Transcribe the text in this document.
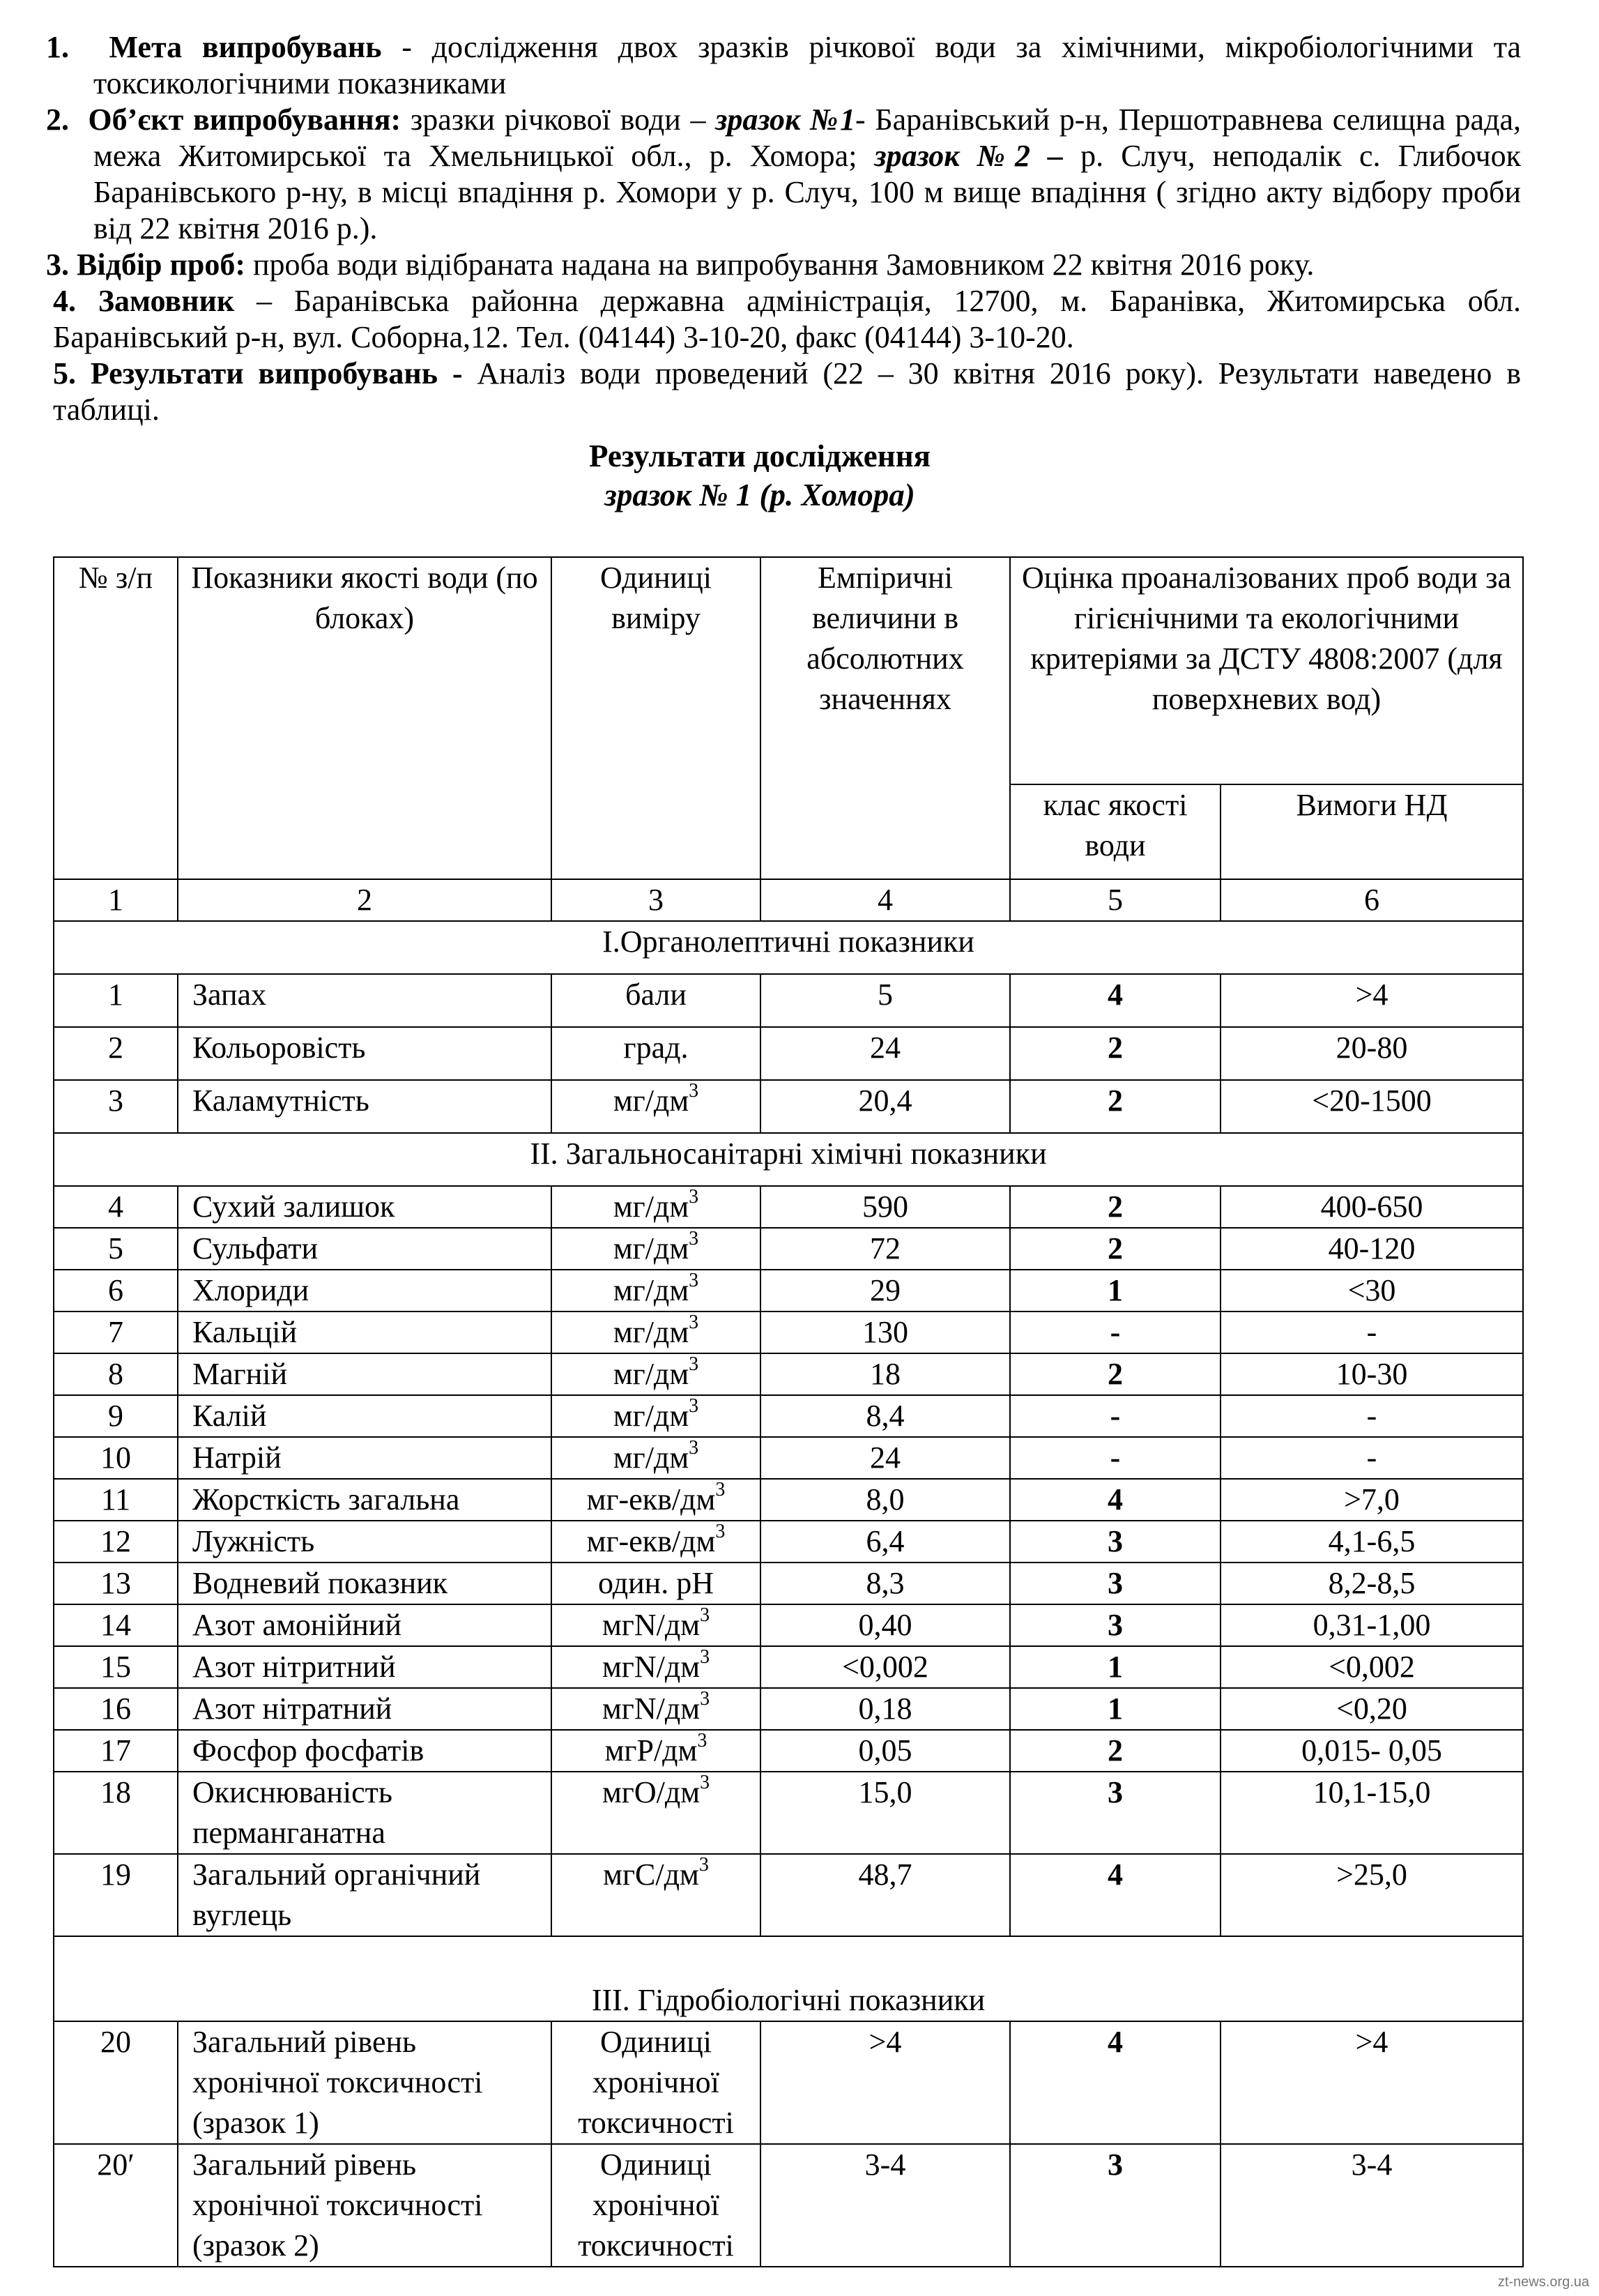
1. Мета випробувань - дослідження двох зразків річкової води за хімічними, мікробіологічними та токсикологічними показниками

2. Об’єкт випробування: зразки річкової води – зразок №1- Баранівський р-н, Першотравнева селищна рада, межа Житомирської та Хмельницької обл., р. Хомора; зразок №2 – р. Случ, неподалік с. Глибочок Баранівського р-ну, в місці впадіння р. Хомори у р. Случ, 100 м вище впадіння ( згідно акту відбору проби від 22 квітня 2016 р.).

3. Відбір проб: проба води відібраната надана на випробування Замовником 22 квітня 2016 року.

4. Замовник – Баранівська районна державна адміністрація, 12700, м. Баранівка, Житомирська обл. Баранівський р-н, вул. Соборна,12. Тел. (04144) 3-10-20, факс (04144) 3-10-20.

5. Результати випробувань - Аналіз води проведений (22 – 30 квітня 2016 року). Результати наведено в таблиці.

Результати дослідження
зразок № 1 (р. Хомора)
№ з/п	Показники якості води (по блоках)	Одиниці виміру	Емпіричні величини в абсолютних значеннях	Оцінка проаналізованих проб води за гігієнічними та екологічними критеріями за ДСТУ 4808:2007 (для поверхневих вод)	
				клас якості води	Вимоги НД
1	2	3	4	5	6
I.Органолептичні показники					
1	Запах	бали	5	4	>4
2	Кольоровість	град.	24	2	20-80
3	Каламутність	$мг/дм^3$	20,4	2	<20-1500
II. Загальносанітарні хімічні показники					
4	Сухий залишок	$мг/дм^3$	590	2	400-650
5	Сульфати	$мг/дм^3$	72	2	40-120
6	Хлориди	$мг/дм^3$	29	1	<30
7	Кальцій	$мг/дм^3$	130	-	-
8	Магній	$мг/дм^3$	18	2	10-30
9	Калій	$мг/дм^3$	8,4	-	-
10	Натрій	$мг/дм^3$	24	-	-
11	Жорсткість загальна	$мг-екв/дм^3$	8,0	4	>7,0
12	Лужність	$мг-екв/дм^3$	6,4	3	4,1-6,5
13	Водневий показник	один. pH	8,3	3	8,2-8,5
14	Азот амонійний	мгN/$дм^3$	0,40	3	0,31-1,00
15	Азот нітритний	мгN/$дм^3$	<0,002	1	<0,002
16	Азот нітратний	мгN/$дм^3$	0,18	1	<0,20
17	Фосфор фосфатів	мгР/$дм^3$	0,05	2	0,015- 0,05
18	Окиснюваність перманганатна	мгО/$дм^3$	15,0	3	10,1-15,0
19	Загальний органічний вуглець	мгС/$дм^3$	48,7	4	>25,0
III. Гідробіологічні показники					
20	Загальний рівень хронічної токсичності (зразок 1)	Одиниці хронічної токсичності	>4	4	>4
20′	Загальний рівень хронічної токсичності (зразок 2)	Одиниці хронічної токсичності	3-4	3	3-4
zt-news.org.ua
